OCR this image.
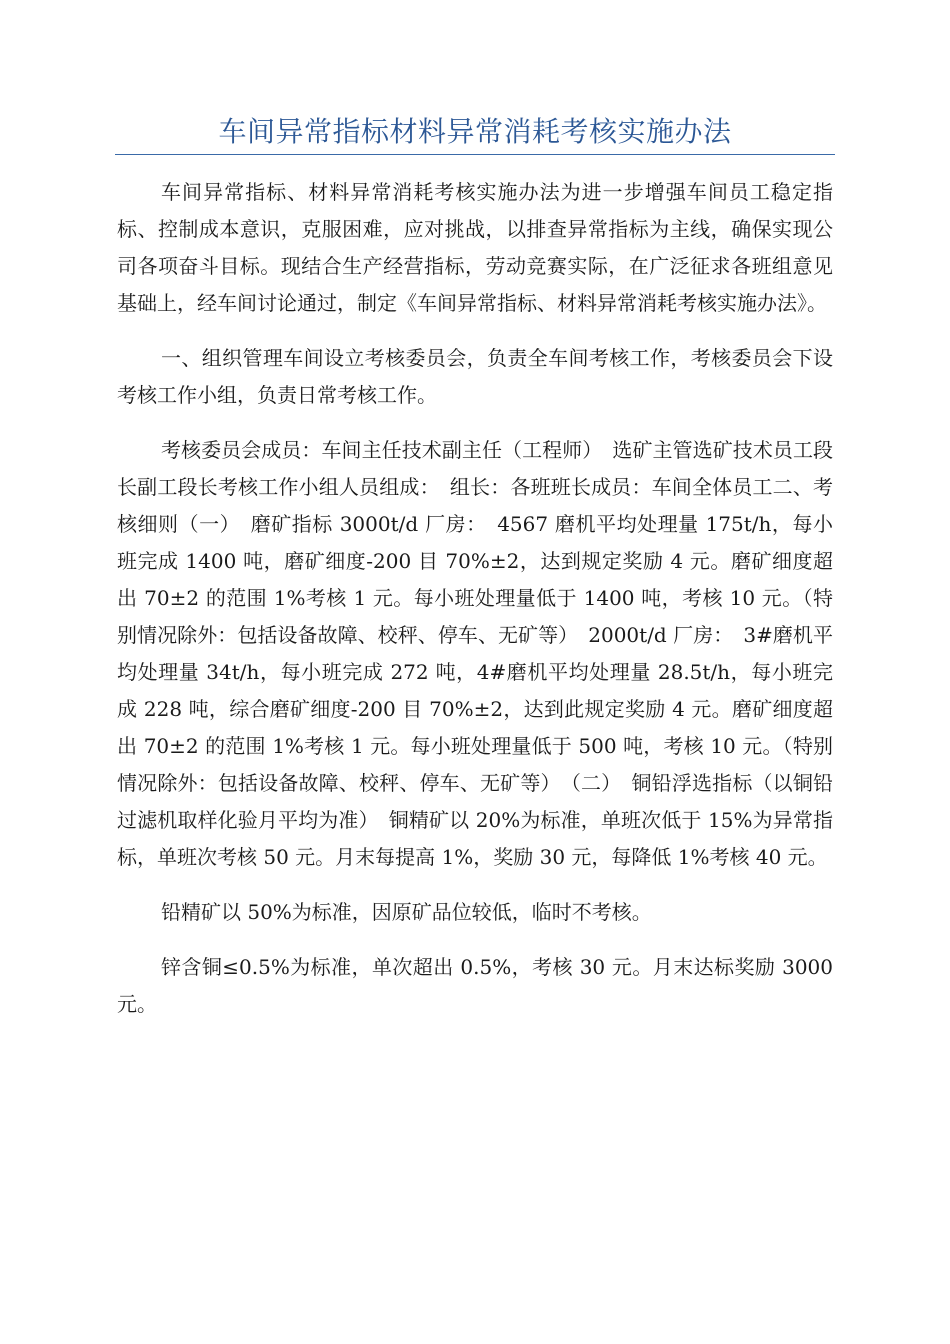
车间异常指标材料异常消耗考核实施办法

车间异常指标、材料异常消耗考核实施办法为进一步增强车间员工稳定指标、控制成本意识，克服困难，应对挑战，以排查异常指标为主线，确保实现公司各项奋斗目标。现结合生产经营指标，劳动竞赛实际，在广泛征求各班组意见基础上，经车间讨论通过，制定《车间异常指标、材料异常消耗考核实施办法》。

一、组织管理车间设立考核委员会，负责全车间考核工作，考核委员会下设考核工作小组，负责日常考核工作。

考核委员会成员：车间主任技术副主任（工程师）　选矿主管选矿技术员工段长副工段长考核工作小组人员组成：　组长：各班班长成员：车间全体员工二、考核细则（一）　磨矿指标 3000t/d 厂房：　4567 磨机平均处理量 175t/h，每小班完成 1400 吨，磨矿细度-200 目 70%±2，达到规定奖励 4 元。磨矿细度超出 70±2 的范围 1%考核 1 元。每小班处理量低于 1400 吨，考核 10 元。（特别情况除外：包括设备故障、校秤、停车、无矿等）　2000t/d 厂房：　3#磨机平均处理量 34t/h，每小班完成 272 吨，4#磨机平均处理量 28.5t/h，每小班完成 228 吨，综合磨矿细度-200 目 70%±2，达到此规定奖励 4 元。磨矿细度超出 70±2 的范围 1%考核 1 元。每小班处理量低于 500 吨，考核 10 元。（特别情况除外：包括设备故障、校秤、停车、无矿等）　（二）　铜铅浮选指标（以铜铅过滤机取样化验月平均为准）　铜精矿以 20%为标准，单班次低于 15%为异常指标，单班次考核 50 元。月末每提高 1%，奖励 30 元，每降低 1%考核 40 元。

铅精矿以 50%为标准，因原矿品位较低，临时不考核。

锌含铜≤0.5%为标准，单次超出 0.5%，考核 30 元。月末达标奖励 3000 元。
